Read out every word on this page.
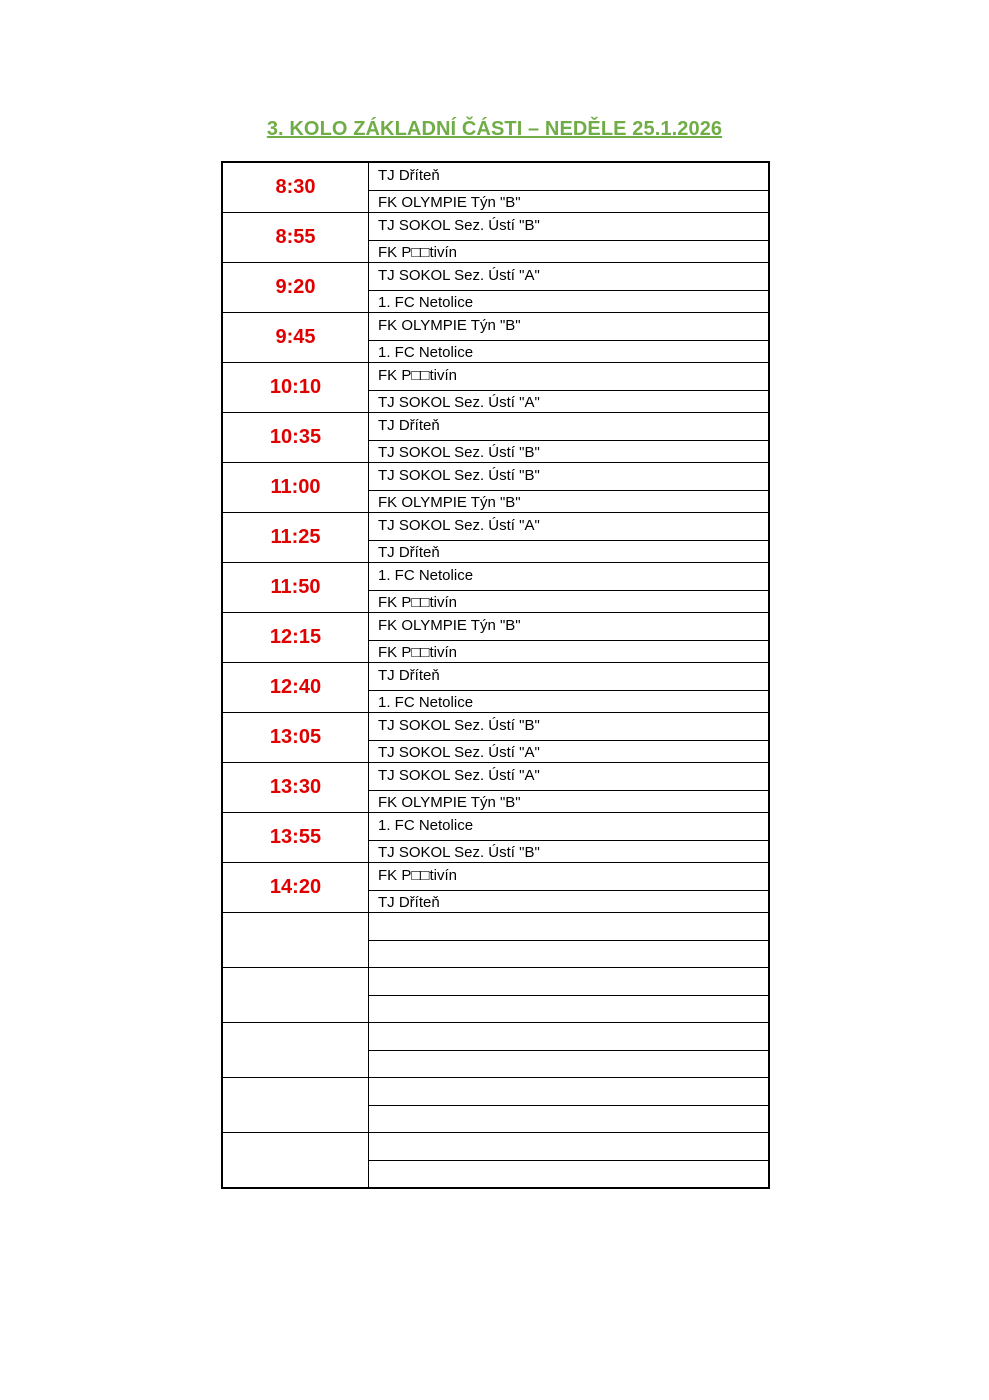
3. KOLO ZÁKLADNÍ ČÁSTI – NEDĚLE 25.1.2026
8:30
TJ Dříteň
FK OLYMPIE Týn "B"
8:55
TJ SOKOL Sez. Ústí "B"
FK P□□tivín
9:20
TJ SOKOL Sez. Ústí "A"
1. FC Netolice
9:45
FK OLYMPIE Týn "B"
1. FC Netolice
10:10
FK P□□tivín
TJ SOKOL Sez. Ústí "A"
10:35
TJ Dříteň
TJ SOKOL Sez. Ústí "B"
11:00
TJ SOKOL Sez. Ústí "B"
FK OLYMPIE Týn "B"
11:25
TJ SOKOL Sez. Ústí "A"
TJ Dříteň
11:50
1. FC Netolice
FK P□□tivín
12:15
FK OLYMPIE Týn "B"
FK P□□tivín
12:40
TJ Dříteň
1. FC Netolice
13:05
TJ SOKOL Sez. Ústí "B"
TJ SOKOL Sez. Ústí "A"
13:30
TJ SOKOL Sez. Ústí "A"
FK OLYMPIE Týn "B"
13:55
1. FC Netolice
TJ SOKOL Sez. Ústí "B"
14:20
FK P□□tivín
TJ Dříteň
